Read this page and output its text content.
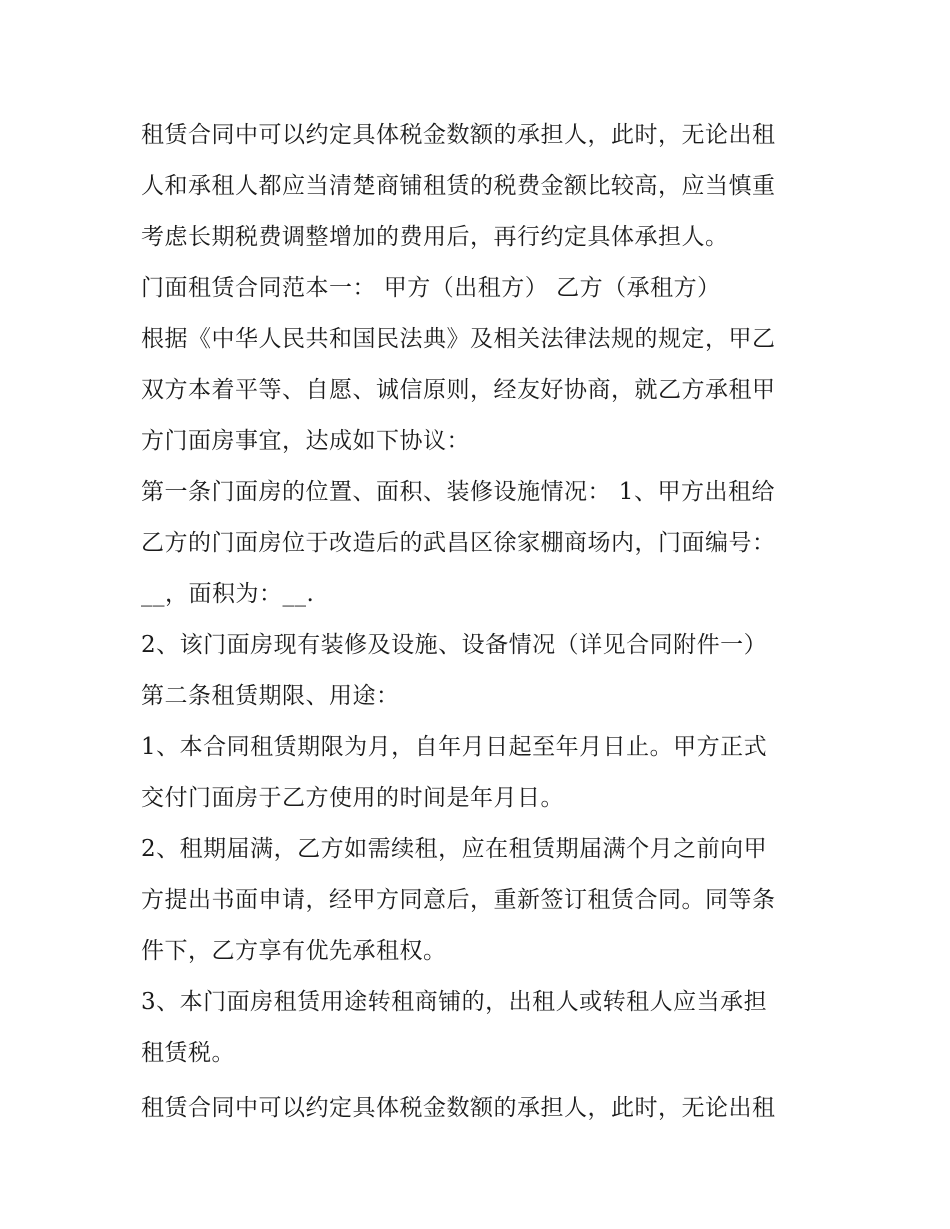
租赁合同中可以约定具体税金数额的承担人，此时，无论出租
人和承租人都应当清楚商铺租赁的税费金额比较高，应当慎重
考虑长期税费调整增加的费用后，再行约定具体承担人。
门面租赁合同范本一： 甲方（出租方） 乙方（承租方）
根据《中华人民共和国民法典》及相关法律法规的规定，甲乙
双方本着平等、自愿、诚信原则，经友好协商，就乙方承租甲
方门面房事宜，达成如下协议：
第一条门面房的位置、面积、装修设施情况： 1、甲方出租给
乙方的门面房位于改造后的武昌区徐家棚商场内，门面编号：
__，面积为：__.
2、该门面房现有装修及设施、设备情况（详见合同附件一）
第二条租赁期限、用途：
1、本合同租赁期限为月，自年月日起至年月日止。甲方正式
交付门面房于乙方使用的时间是年月日。
2、租期届满，乙方如需续租，应在租赁期届满个月之前向甲
方提出书面申请，经甲方同意后，重新签订租赁合同。同等条
件下，乙方享有优先承租权。
3、本门面房租赁用途转租商铺的，出租人或转租人应当承担
租赁税。
租赁合同中可以约定具体税金数额的承担人，此时，无论出租
